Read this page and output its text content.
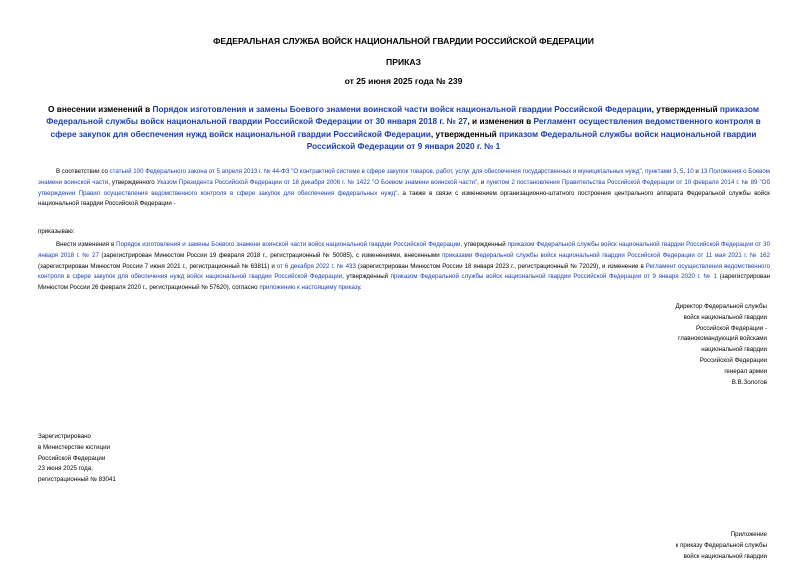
ФЕДЕРАЛЬНАЯ СЛУЖБА ВОЙСК НАЦИОНАЛЬНОЙ ГВАРДИИ РОССИЙСКОЙ ФЕДЕРАЦИИ
ПРИКАЗ
от 25 июня 2025 года № 239
О внесении изменений в Порядок изготовления и замены Боевого знамени воинской части войск национальной гвардии Российской Федерации, утвержденный приказом Федеральной службы войск национальной гвардии Российской Федерации от 30 января 2018 г. № 27, и изменения в Регламент осуществления ведомственного контроля в сфере закупок для обеспечения нужд войск национальной гвардии Российской Федерации, утвержденный приказом Федеральной службы войск национальной гвардии Российской Федерации от 9 января 2020 г. № 1
В соответствии со статьей 100 Федерального закона от 5 апреля 2013 г. № 44-ФЗ "О контрактной системе в сфере закупок товаров, работ, услуг для обеспечения государственных и муниципальных нужд", пунктами 3, 5, 10 и 13 Положения о Боевом знамени воинской части, утвержденного Указом Президента Российской Федерации от 18 декабря 2006 г. № 1422 "О Боевом знамени воинской части", и пунктом 2 постановления Правительства Российской Федерации от 10 февраля 2014 г. № 89 "Об утверждении Правил осуществления ведомственного контроля в сфере закупок для обеспечения федеральных нужд", а также в связи с изменением организационно-штатного построения центрального аппарата Федеральной службы войск национальной гвардии Российской Федерации -
приказываю:
Внести изменения в Порядок изготовления и замены Боевого знамени воинской части войск национальной гвардии Российской Федерации, утвержденный приказом Федеральной службы войск национальной гвардии Российской Федерации от 30 января 2018 г. № 27 (зарегистрирован Минюстом России 19 февраля 2018 г., регистрационный № 50085), с изменениями, внесенными приказами Федеральной службы войск национальной гвардии Российской Федерации от 11 мая 2021 г. № 162 (зарегистрирован Минюстом России 7 июня 2021 г., регистрационный № 63811) и от 6 декабря 2022 г. № 433 (зарегистрирован Минюстом России 18 января 2023 г., регистрационный № 72029), и изменение в Регламент осуществления ведомственного контроля в сфере закупок для обеспечения нужд войск национальной гвардии Российской Федерации, утвержденный приказом Федеральной службы войск национальной гвардии Российской Федерации от 9 января 2020 г. № 1 (зарегистрирован Минюстом России 26 февраля 2020 г., регистрационный № 57620), согласно приложению к настоящему приказу.
Директор Федеральной службы
войск национальной гвардии
Российской Федерации -
главнокомандующий войсками
национальной гвардии
Российской Федерации
генерал армии
В.В.Золотов
Зарегистрировано
в Министерстве юстиции
Российской Федерации
23 июня 2025 года,
регистрационный № 83041
Приложение
к приказу Федеральной службы
войск национальной гвардии
